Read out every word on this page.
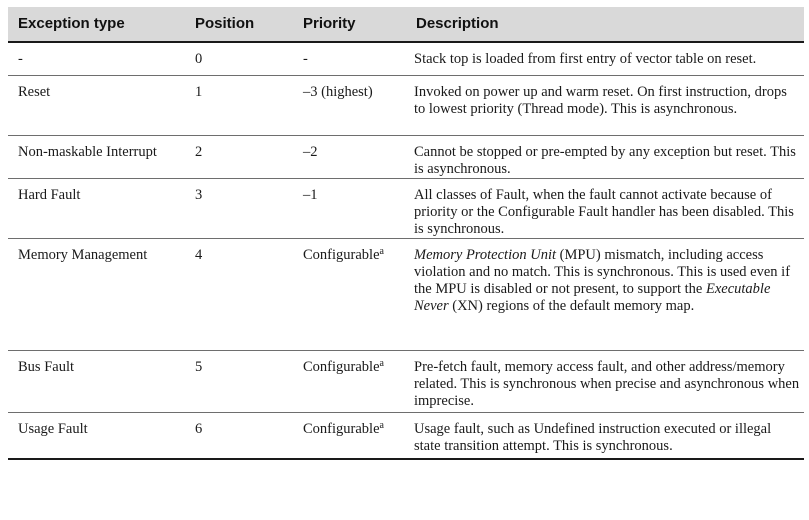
Exception type	Position	Priority	Description
-	0	-	Stack top is loaded from first entry of vector table on reset.
Reset	1	–3 (highest)	Invoked on power up and warm reset. On first instruction, drops to lowest priority (Thread mode). This is asynchronous.
Non-maskable Interrupt	2	–2	Cannot be stopped or pre-empted by any exception but reset. This is asynchronous.
Hard Fault	3	–1	All classes of Fault, when the fault cannot activate because of priority or the Configurable Fault handler has been disabled. This is synchronous.
Memory Management	4	Configurable$^a$	Memory Protection Unit (MPU) mismatch, including access violation and no match. This is synchronous. This is used even if the MPU is disabled or not present, to support the Executable Never (XN) regions of the default memory map.
Bus Fault	5	Configurable$^a$	Pre-fetch fault, memory access fault, and other address/memory related. This is synchronous when precise and asynchronous when imprecise.
Usage Fault	6	Configurable$^a$	Usage fault, such as Undefined instruction executed or illegal state transition attempt. This is synchronous.
